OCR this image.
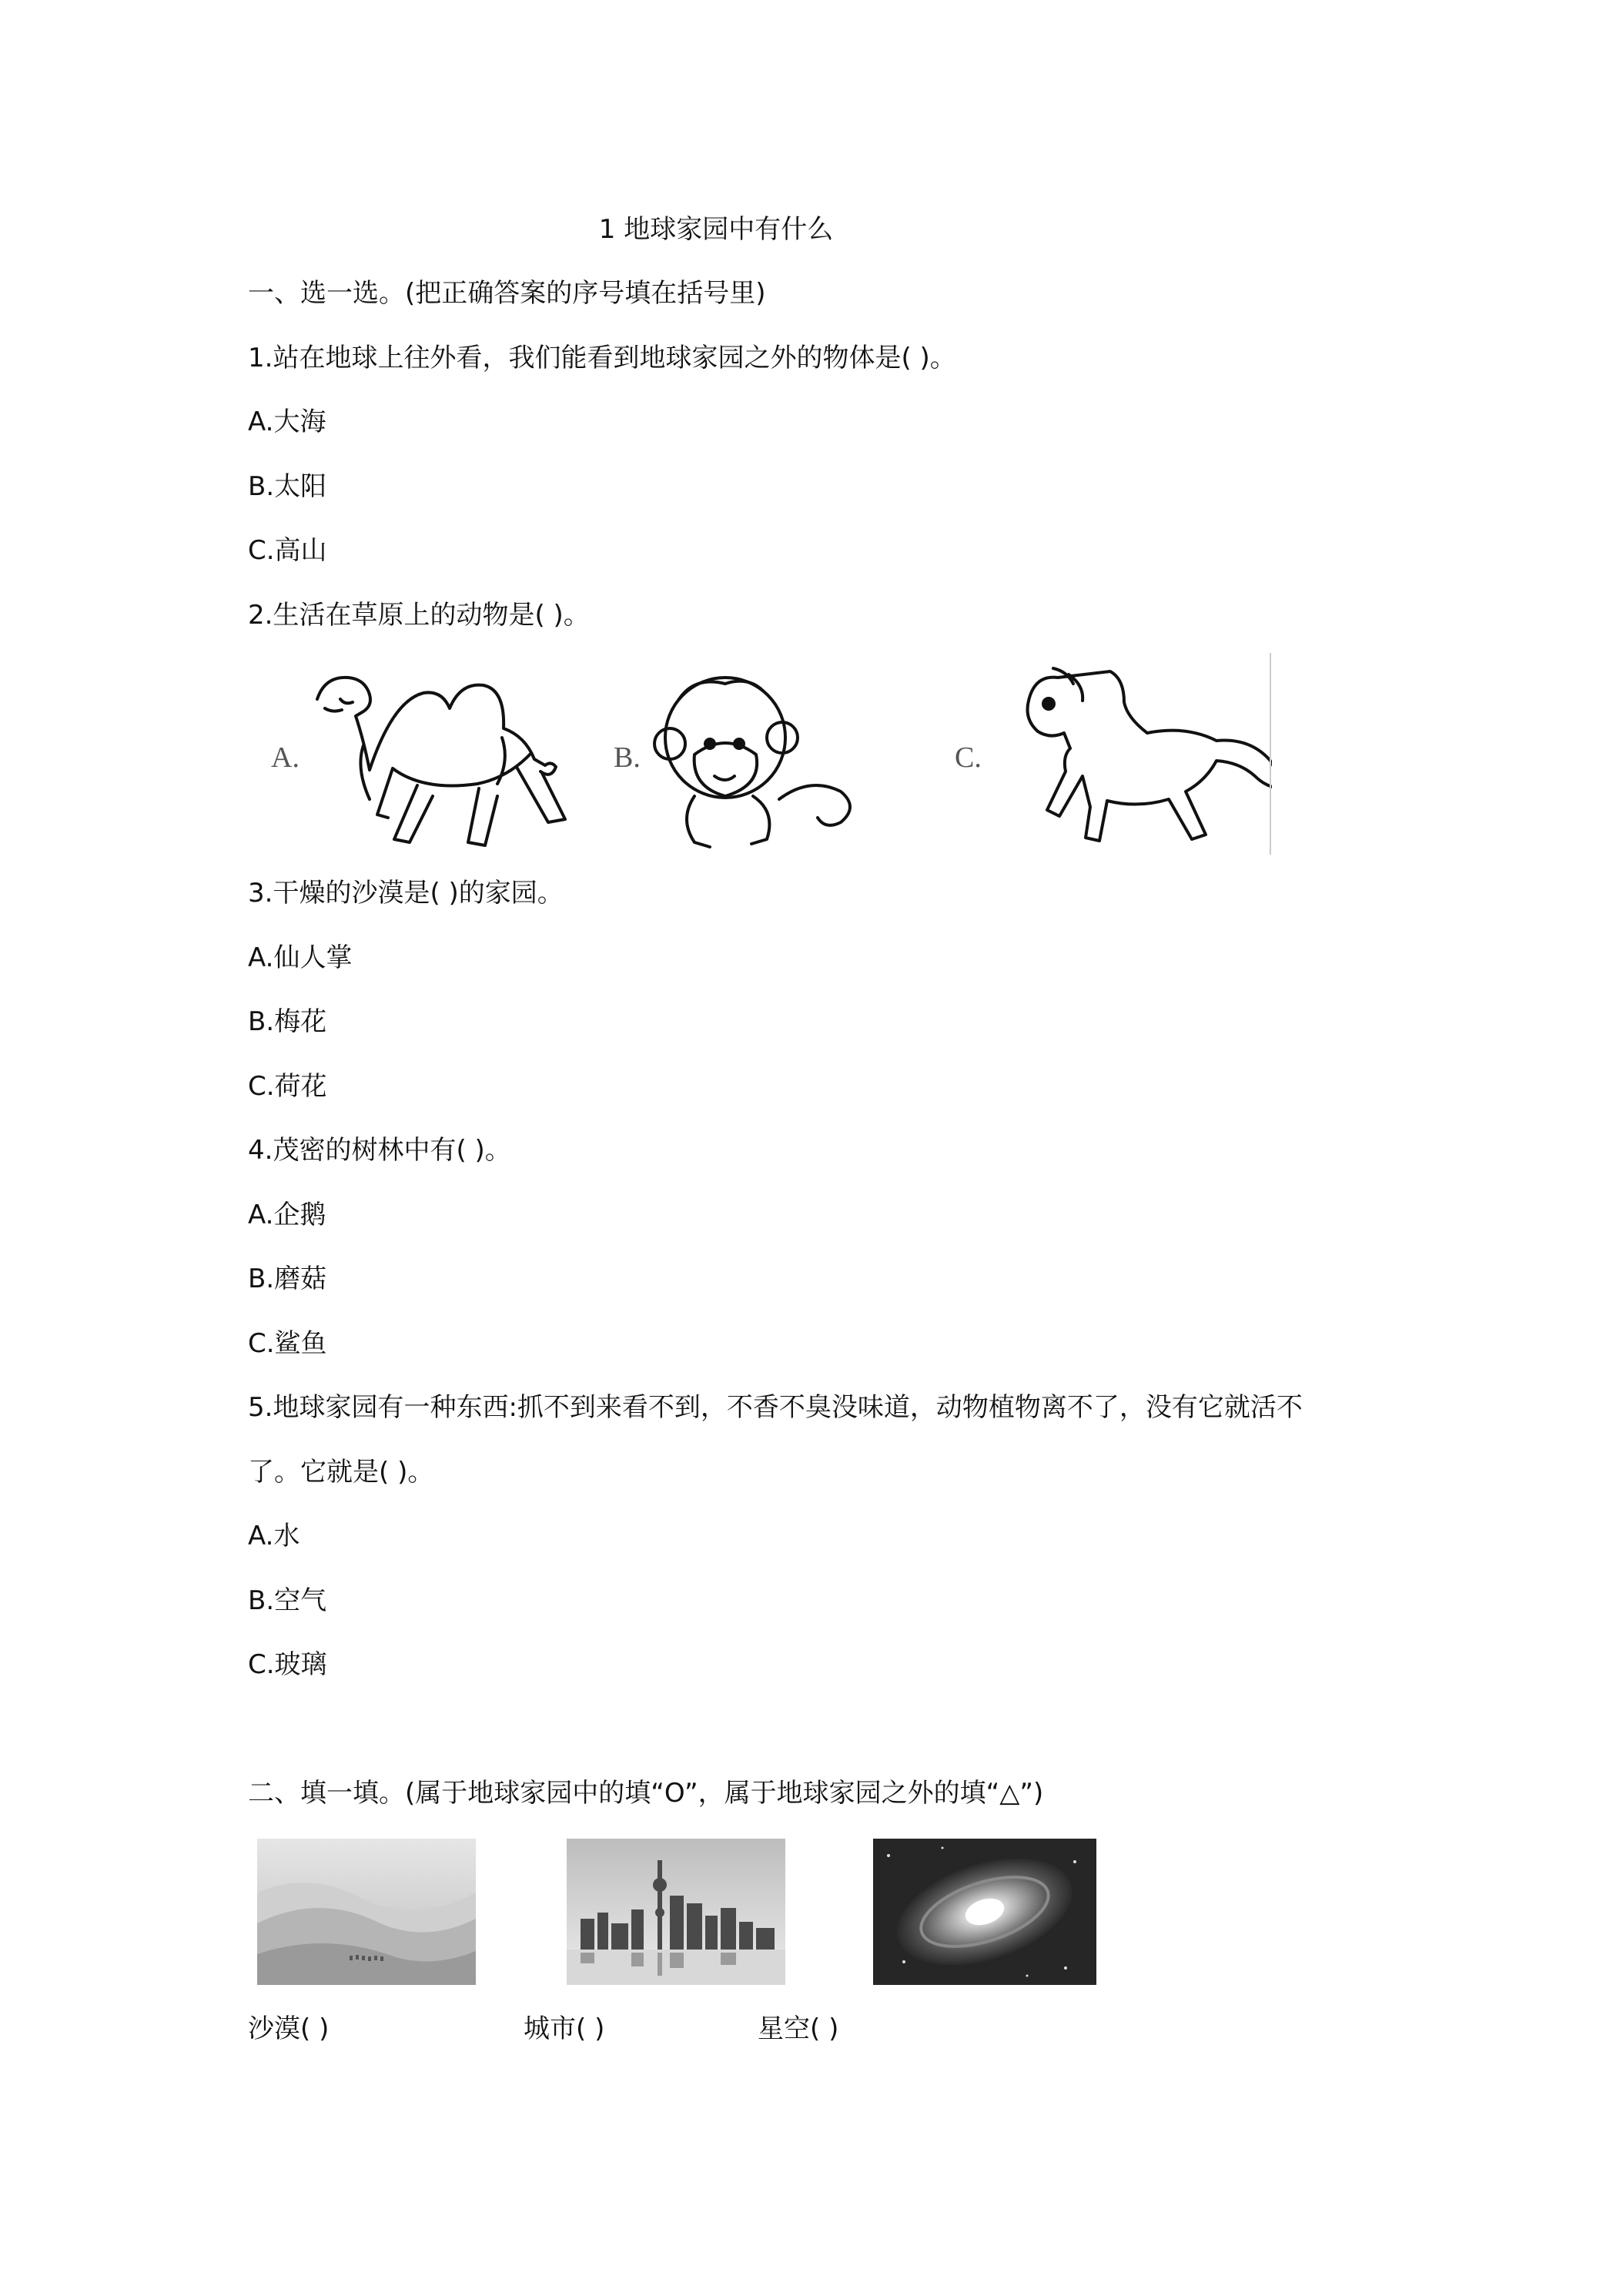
1 地球家园中有什么
一、选一选。(把正确答案的序号填在括号里)
1.站在地球上往外看，我们能看到地球家园之外的物体是( )。
A.大海
B.太阳
C.高山
2.生活在草原上的动物是( )。
A.	B.	C.
3.干燥的沙漠是( )的家园。
A.仙人掌
B.梅花
C.荷花
4.茂密的树林中有( )。
A.企鹅
B.磨菇
C.鲨鱼
5.地球家园有一种东西:抓不到来看不到，不香不臭没味道，动物植物离不了，没有它就活不
了。它就是( )。
A.水
B.空气
C.玻璃
二、填一填。(属于地球家园中的填“O”，属于地球家园之外的填“△”)
沙漠( )	城市( )	星空( )
